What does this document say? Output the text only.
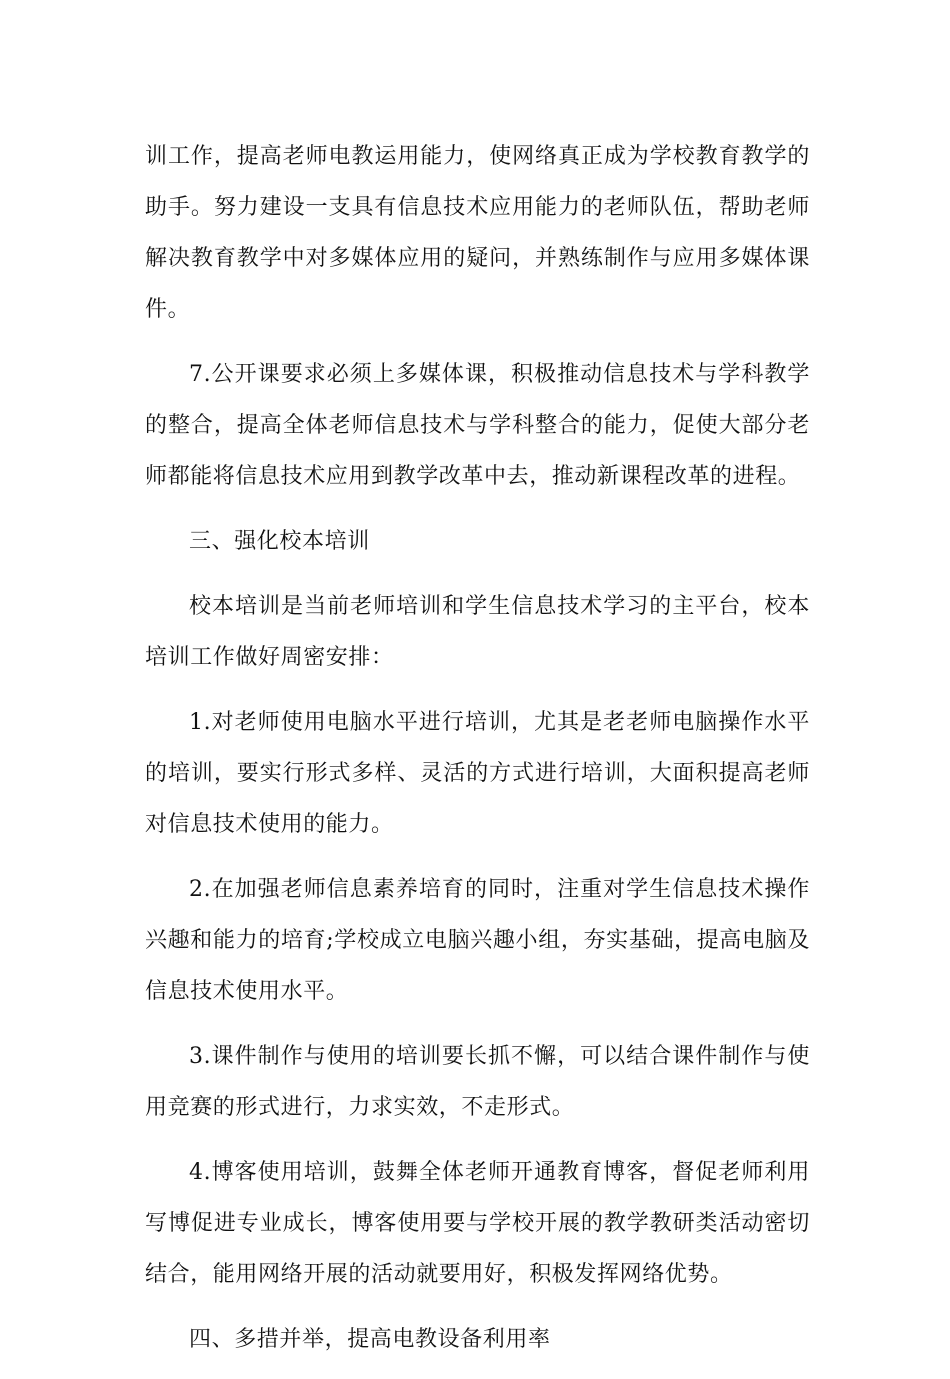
训工作，提高老师电教运用能力，使网络真正成为学校教育教学的助手。努力建设一支具有信息技术应用能力的老师队伍，帮助老师解决教育教学中对多媒体应用的疑问，并熟练制作与应用多媒体课件。

7.公开课要求必须上多媒体课，积极推动信息技术与学科教学的整合，提高全体老师信息技术与学科整合的能力，促使大部分老师都能将信息技术应用到教学改革中去，推动新课程改革的进程。

三、强化校本培训

校本培训是当前老师培训和学生信息技术学习的主平台，校本培训工作做好周密安排：

1.对老师使用电脑水平进行培训，尤其是老老师电脑操作水平的培训，要实行形式多样、灵活的方式进行培训，大面积提高老师对信息技术使用的能力。

2.在加强老师信息素养培育的同时，注重对学生信息技术操作兴趣和能力的培育;学校成立电脑兴趣小组，夯实基础，提高电脑及信息技术使用水平。

3.课件制作与使用的培训要长抓不懈，可以结合课件制作与使用竞赛的形式进行，力求实效，不走形式。

4.博客使用培训，鼓舞全体老师开通教育博客，督促老师利用写博促进专业成长，博客使用要与学校开展的教学教研类活动密切结合，能用网络开展的活动就要用好，积极发挥网络优势。

四、多措并举，提高电教设备利用率
